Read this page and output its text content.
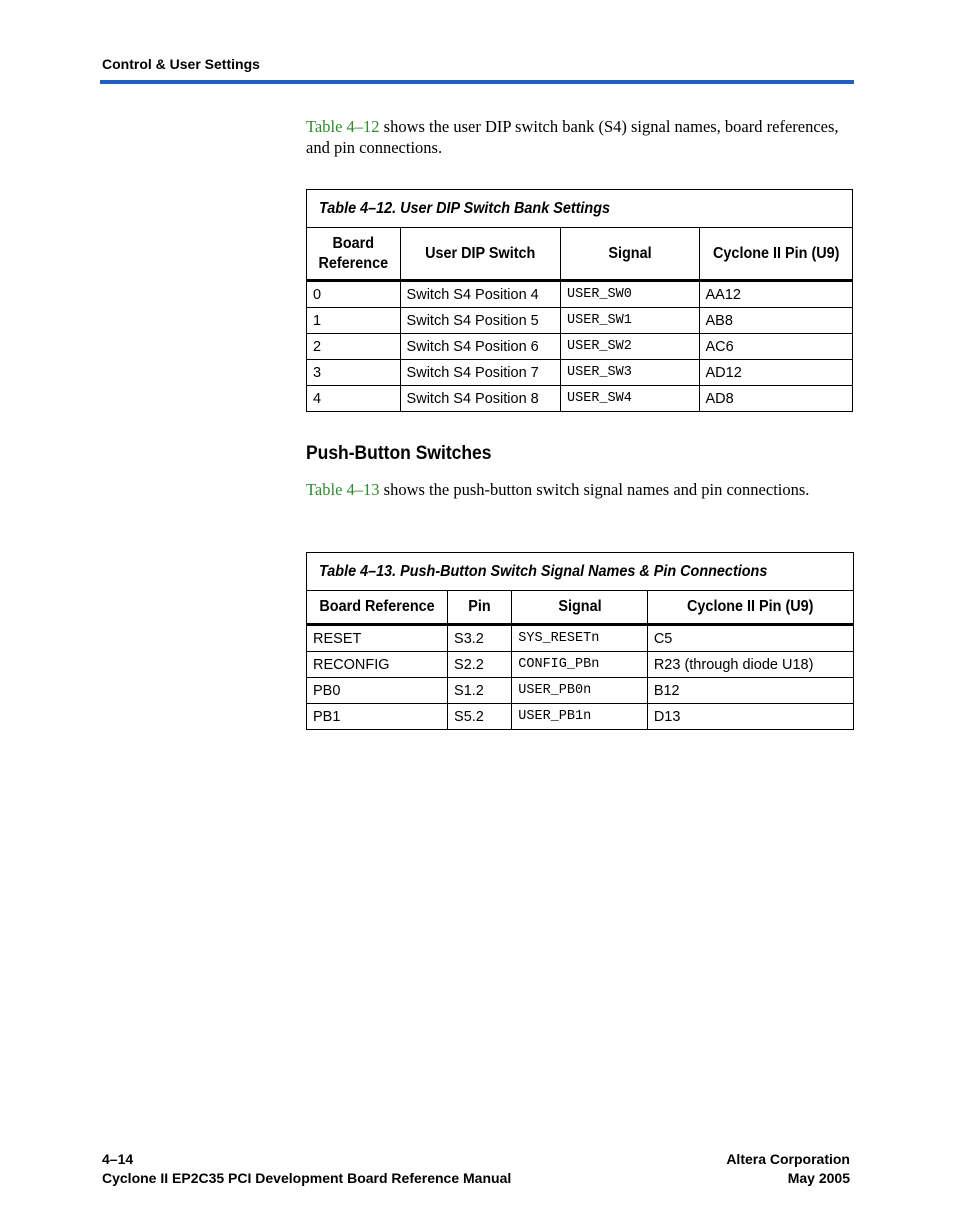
Control & User Settings
Table 4–12 shows the user DIP switch bank (S4) signal names, board references, and pin connections.
Table 4–12. User DIP Switch Bank Settings			
Board Reference	User DIP Switch	Signal	Cyclone II Pin (U9)
0	Switch S4 Position 4	USER_SW0	AA12
1	Switch S4 Position 5	USER_SW1	AB8
2	Switch S4 Position 6	USER_SW2	AC6
3	Switch S4 Position 7	USER_SW3	AD12
4	Switch S4 Position 8	USER_SW4	AD8
Push-Button Switches
Table 4–13 shows the push-button switch signal names and pin connections.
Table 4–13. Push-Button Switch Signal Names & Pin Connections			
Board Reference	Pin	Signal	Cyclone II Pin (U9)
RESET	S3.2	SYS_RESETn	C5
RECONFIG	S2.2	CONFIG_PBn	R23 (through diode U18)
PB0	S1.2	USER_PB0n	B12
PB1	S5.2	USER_PB1n	D13
4–14
Cyclone II EP2C35 PCI Development Board Reference Manual
Altera Corporation
May 2005
